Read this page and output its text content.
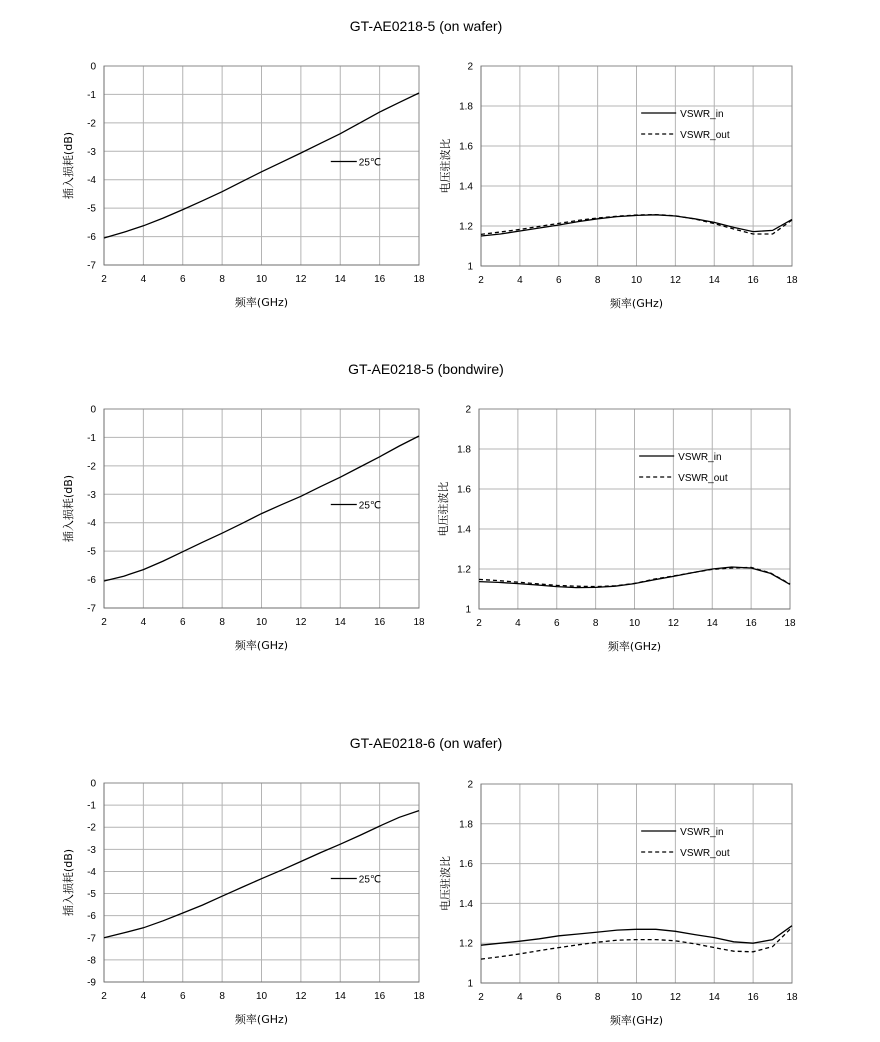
GT-AE0218-5 (on wafer)
GT-AE0218-5 (bondwire)
GT-AE0218-6 (on wafer)
2	4	6	8	10	12	14	16	18
0
-1
-2
-3
-4
-5
-6
-7
频率(GHz)
插入损耗(dB)	25℃
2	4	6	8	10	12	14	16	18
1
1.2
1.4
1.6
1.8
2
频率(GHz)
电压驻波比
VSWR_in
VSWR_out
2	4	6	8	10	12	14	16	18
0
-1
-2
-3
-4
-5
-6
-7
频率(GHz)
插入损耗(dB)	25℃
2	4	6	8	10	12	14	16	18
1
1.2
1.4
1.6
1.8
2
频率(GHz)
电压驻波比
VSWR_in
VSWR_out
2	4	6	8	10	12	14	16	18
0
-1
-2
-3
-4
-5
-6
-7
-8
-9
频率(GHz)
插入损耗(dB)	25℃
2	4	6	8	10	12	14	16	18
1
1.2
1.4
1.6
1.8
2
频率(GHz)
电压驻波比
VSWR_in
VSWR_out
